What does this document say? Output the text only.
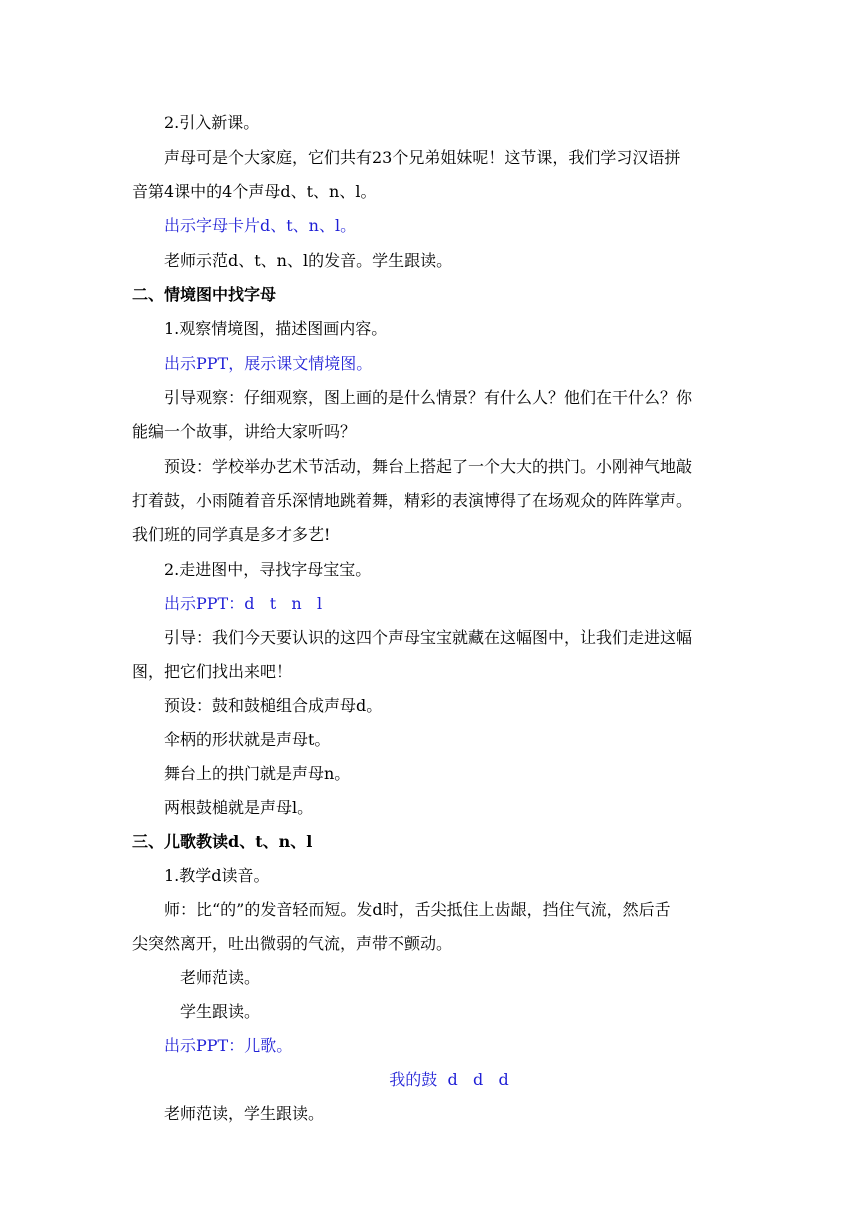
2.引入新课。
声母可是个大家庭，它们共有23个兄弟姐妹呢！这节课，我们学习汉语拼
音第4课中的4个声母d、t、n、l。
出示字母卡片d、t、n、l。
老师示范d、t、n、l的发音。学生跟读。
二、情境图中找字母
1.观察情境图，描述图画内容。
出示PPT，展示课文情境图。
引导观察：仔细观察，图上画的是什么情景？有什么人？他们在干什么？你
能编一个故事，讲给大家听吗？
预设：学校举办艺术节活动，舞台上搭起了一个大大的拱门。小刚神气地敲
打着鼓，小雨随着音乐深情地跳着舞，精彩的表演博得了在场观众的阵阵掌声。
我们班的同学真是多才多艺!
2.走进图中，寻找字母宝宝。
出示PPT：d   t   n   l
引导：我们今天要认识的这四个声母宝宝就藏在这幅图中，让我们走进这幅
图，把它们找出来吧！
预设：鼓和鼓槌组合成声母d。
伞柄的形状就是声母t。
舞台上的拱门就是声母n。
两根鼓槌就是声母l。
三、儿歌教读d、t、n、l
1.教学d读音。
师：比“的”的发音轻而短。发d时，舌尖抵住上齿龈，挡住气流，然后舌
尖突然离开，吐出微弱的气流，声带不颤动。
老师范读。
学生跟读。
出示PPT：儿歌。
我的鼓  d   d   d
老师范读，学生跟读。
